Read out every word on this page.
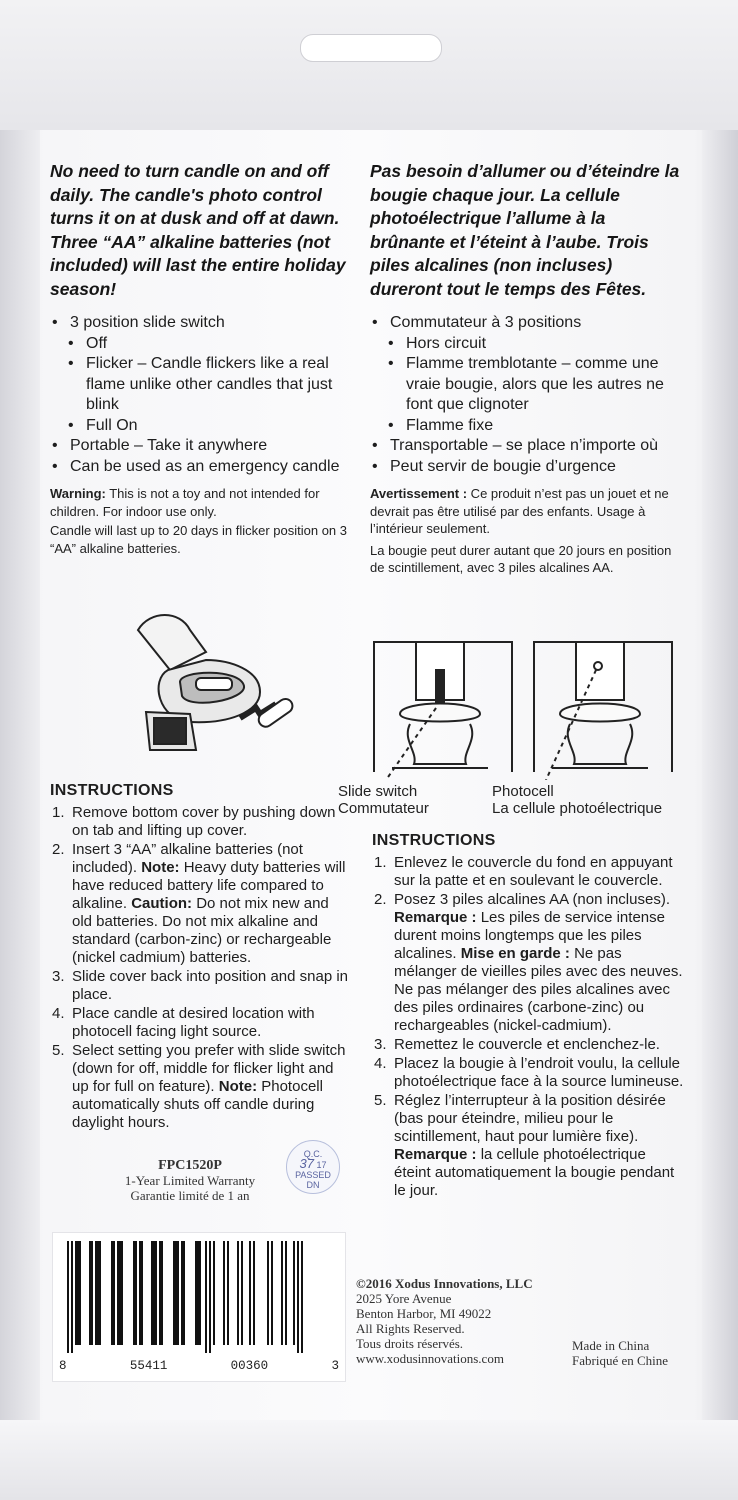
No need to turn candle on and off daily. The candle's photo control turns it on at dusk and off at dawn. Three “AA” alkaline batteries (not included) will last the entire holiday season!

• 3 position slide switch
• Off
• Flicker – Candle flickers like a real flame unlike other candles that just blink
• Full On
• Portable – Take it anywhere
• Can be used as an emergency candle

Warning: This is not a toy and not intended for children. For indoor use only.

Candle will last up to 20 days in flicker position on 3 “AA” alkaline batteries.

Pas besoin d’allumer ou d’éteindre la bougie chaque jour. La cellule photoélectrique l’allume à la brûnante et l’éteint à l’aube. Trois piles alcalines (non incluses) dureront tout le temps des Fêtes.

• Commutateur à 3 positions
• Hors circuit
• Flamme tremblotante – comme une vraie bougie, alors que les autres ne font que clignoter
• Flamme fixe
• Transportable – se place n’importe où
• Peut servir de bougie d’urgence

Avertissement : Ce produit n’est pas un jouet et ne devrait pas être utilisé par des enfants. Usage à l’intérieur seulement.

La bougie peut durer autant que 20 jours en position de scintillement, avec 3 piles alcalines AA.

Slide switch
Commutateur
Photocell
La cellule photoélectrique
INSTRUCTIONS
1. Remove bottom cover by pushing down on tab and lifting up cover.
2. Insert 3 “AA” alkaline batteries (not included). Note: Heavy duty batteries will have reduced battery life compared to alkaline. Caution: Do not mix new and old batteries. Do not mix alkaline and standard (carbon-zinc) or rechargeable (nickel cadmium) batteries.
3. Slide cover back into position and snap in place.
4. Place candle at desired location with photocell facing light source.
5. Select setting you prefer with slide switch (down for off, middle for flicker light and up for full on feature). Note: Photocell automatically shuts off candle during daylight hours.
INSTRUCTIONS
1. Enlevez le couvercle du fond en appuyant sur la patte et en soulevant le couvercle.
2. Posez 3 piles alcalines AA (non incluses). Remarque : Les piles de service intense durent moins longtemps que les piles alcalines. Mise en garde : Ne pas mélanger de vieilles piles avec des neuves. Ne pas mélanger des piles alcalines avec des piles ordinaires (carbone-zinc) ou rechargeables (nickel-cadmium).
3. Remettez le couvercle et enclenchez-le.
4. Placez la bougie à l’endroit voulu, la cellule photoélectrique face à la source lumineuse.
5. Réglez l’interrupteur à la position désirée (bas pour éteindre, milieu pour le scintillement, haut pour lumière fixe). Remarque : la cellule photoélectrique éteint automatiquement la bougie pendant le jour.
FPC1520P
1-Year Limited Warranty
Garantie limité de 1 an
Q.C.
37 17
PASSED
DN
8	55411	00360	3
©2016 Xodus Innovations, LLC
2025 Yore Avenue
Benton Harbor, MI 49022
All Rights Reserved.
Tous droits réservés.
www.xodusinnovations.com
Made in China
Fabriqué en Chine
